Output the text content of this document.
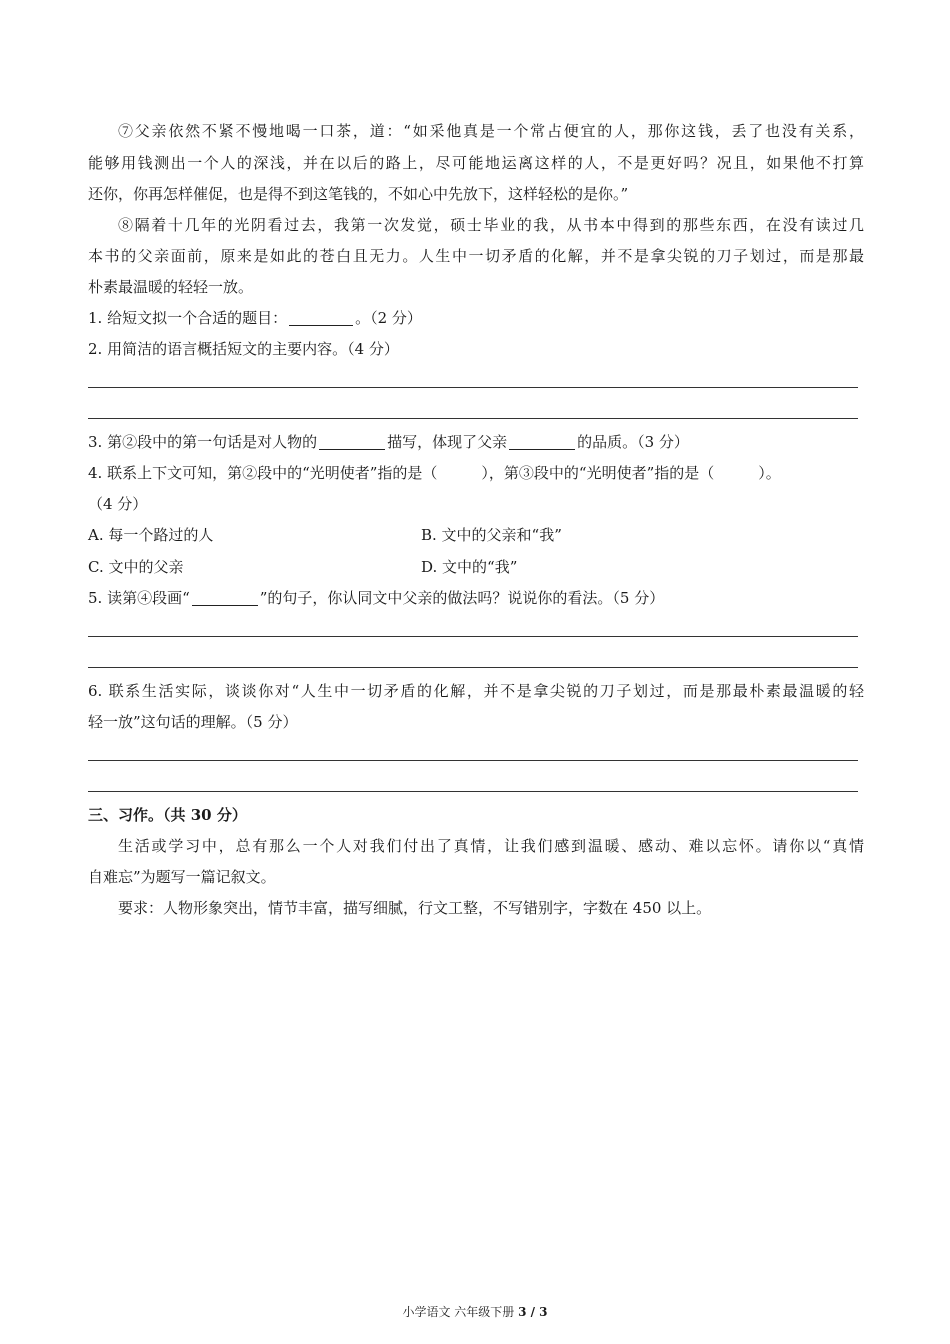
⑦父亲依然不紧不慢地喝一口茶，道：“如采他真是一个常占便宜的人，那你这钱，丢了也没有关系，
能够用钱测出一个人的深浅，并在以后的路上，尽可能地运离这样的人，不是更好吗？况且，如果他不打算
还你，你再怎样催促，也是得不到这笔钱的，不如心中先放下，这样轻松的是你。”
⑧隔着十几年的光阴看过去，我第一次发觉，硕士毕业的我，从书本中得到的那些东西，在没有读过几
本书的父亲面前，原来是如此的苍白且无力。人生中一切矛盾的化解，并不是拿尖锐的刀子划过，而是那最
朴素最温暖的轻轻一放。
1. 给短文拟一个合适的题目：	。（2 分）
2. 用简洁的语言概括短文的主要内容。（4 分）
3. 第②段中的第一句话是对人物的	描写，体现了父亲	的品质。（3 分）
4. 联系上下文可知，第②段中的“光明使者”指的是（	），第③段中的“光明使者”指的是（	）。
（4 分）
A. 每一个路过的人	B. 文中的父亲和“我”
C. 文中的父亲	D. 文中的“我”
5. 读第④段画“	”的句子，你认同文中父亲的做法吗？说说你的看法。（5 分）
6. 联系生活实际，谈谈你对“人生中一切矛盾的化解，并不是拿尖锐的刀子划过，而是那最朴素最温暖的轻
轻一放”这句话的理解。（5 分）
三、习作。（共 30 分）
生活或学习中，总有那么一个人对我们付出了真情，让我们感到温暖、感动、难以忘怀。请你以“真情
自难忘”为题写一篇记叙文。
要求：人物形象突出，情节丰富，描写细腻，行文工整，不写错别字，字数在 450 以上。
小学语文 六年级下册 3 / 3
